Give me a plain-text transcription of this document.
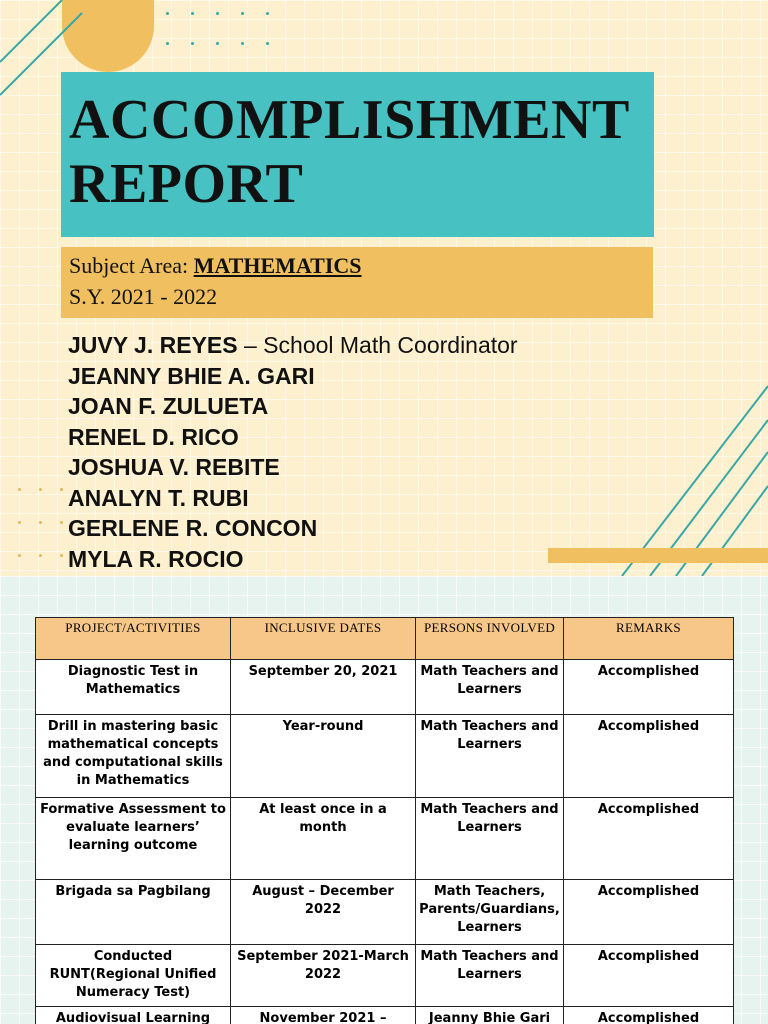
ACCOMPLISHMENT
REPORT
Subject Area: MATHEMATICS
S.Y. 2021 - 2022
JUVY J. REYES – School Math Coordinator
JEANNY BHIE A. GARI
JOAN F. ZULUETA
RENEL D. RICO
JOSHUA V. REBITE
ANALYN T. RUBI
GERLENE R. CONCON
MYLA R. ROCIO
PROJECT/ACTIVITIES	INCLUSIVE DATES	PERSONS INVOLVED	REMARKS
Diagnostic Test in Mathematics	September 20, 2021	Math Teachers and Learners	Accomplished
Drill in mastering basic mathematical concepts and computational skills in Mathematics	Year-round	Math Teachers and Learners	Accomplished
Formative Assessment to evaluate learners’ learning outcome	At least once in a month	Math Teachers and Learners	Accomplished
Brigada sa Pagbilang	August – December 2022	Math Teachers, Parents/Guardians, Learners	Accomplished
Conducted RUNT(Regional Unified Numeracy Test)	September 2021-March 2022	Math Teachers and Learners	Accomplished
Audiovisual Learning	November 2021 –	Jeanny Bhie Gari	Accomplished
